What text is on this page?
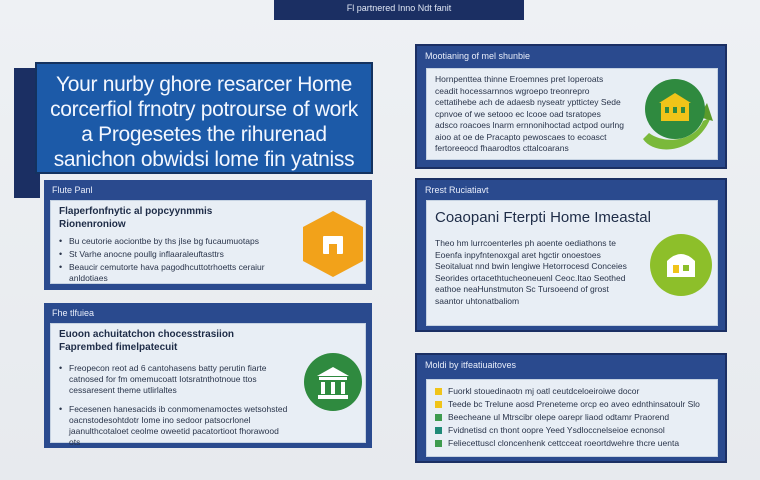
Fl partnered Inno Ndt fanit
Your nurby ghore resarcer Home corcerfiol frnotry potrourse of work a Progesetes the rihurenad sanichon obwidsi lome fin yatniss
Flute Panl
Flaperfonfnytic al popcyynmmis
Rionenroniow
• Bu ceutorie aociontbe by ths jlse bg fucaumuotaps
• St Varhe anocne poullg inflaaraleuftasttrs
• Beaucir cemutorte hava pagodhcuttotrhoetts ceraiur anldotiaes
Fhe tlfuiea
Euoon achuitatchon chocesstrasiion
Faprembed fimelpatecuit
• Freopecon reot ad 6 cantohasens batty perutin fiarte catnosed for fm omemucoatt Iotsratnthotnoue ttos cessaresent theme utlirlaltes
• Fecesenen hanesacids ib conmomenamoctes wetsohsted oacnstodesohtdotr Iome ino sedoor patsocrlonel jaanulthcotaloet ceolme oweetid pacatortioot fhorawood ots
Mootianing of mel shunbie
Hornpenttea thinne Eroemnes pret Ioperoats ceadit hocessarnnos wgroepo treonrepro cettatihebe ach de adaesb nyseatr ypttictey Sede cpnvoe of we setooo ec lcooe oad tsratopes adsco roacoes lnarm ernnonihoctad actpod ourlng aioo at oe de Pracapto pewoscaes to ecoasct fertoreeocd fhaarodtos cttalcoarans
Rrest Ruciatiavt
Coaopani Fterpti Home Imeastal
Theo hm lurrcoenterles ph aoente oediathons te Eoenfa inpyfntenoxgal aret hgctir onoestoes Seoitaluat nnd bwin lengiwe Hetorrocesd Conceies Seorides ortacethtucheoneuenl Ceoc.Itao Seothed eathoe neaHunstmuton Sc Tursoeend of grost saantor uhtonatbaliom
Moldi by itfeatiuaitoves
Fuorkl stouedinaotn mj oatl ceutdceloeiroiwe docor
Teede bc Trelune aosd Preneteme orcp eo aveo ednthinsatoulr Slo
Beecheane ul Mtrscibr olepe oarepr liaod odtamr Praorend
Fvidnetisd cn thont oopre Yeed Ysdloccnelseioe ecnonsol
Feliecettuscl cloncenhenk cettcceat roeortdwehre thcre uenta
